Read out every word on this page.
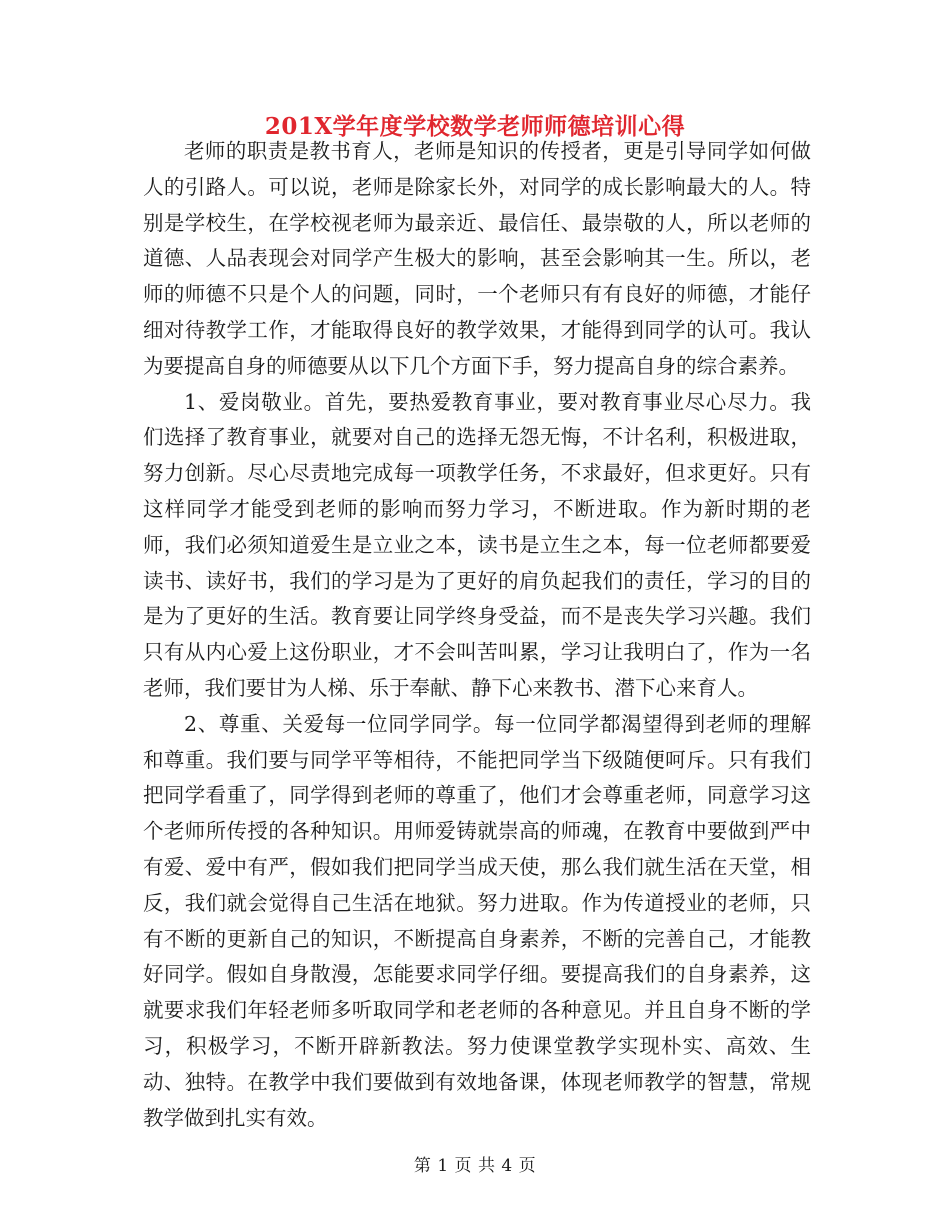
201X学年度学校数学老师师德培训心得

老师的职责是教书育人，老师是知识的传授者，更是引导同学如何做人的引路人。可以说，老师是除家长外，对同学的成长影响最大的人。特别是学校生，在学校视老师为最亲近、最信任、最崇敬的人，所以老师的道德、人品表现会对同学产生极大的影响，甚至会影响其一生。所以，老师的师德不只是个人的问题，同时，一个老师只有有良好的师德，才能仔细对待教学工作，才能取得良好的教学效果，才能得到同学的认可。我认为要提高自身的师德要从以下几个方面下手，努力提高自身的综合素养。

1、爱岗敬业。首先，要热爱教育事业，要对教育事业尽心尽力。我们选择了教育事业，就要对自己的选择无怨无悔，不计名利，积极进取，努力创新。尽心尽责地完成每一项教学任务，不求最好，但求更好。只有这样同学才能受到老师的影响而努力学习，不断进取。作为新时期的老师，我们必须知道爱生是立业之本，读书是立生之本，每一位老师都要爱读书、读好书，我们的学习是为了更好的肩负起我们的责任，学习的目的是为了更好的生活。教育要让同学终身受益，而不是丧失学习兴趣。我们只有从内心爱上这份职业，才不会叫苦叫累，学习让我明白了，作为一名老师，我们要甘为人梯、乐于奉献、静下心来教书、潜下心来育人。

2、尊重、关爱每一位同学同学。每一位同学都渴望得到老师的理解和尊重。我们要与同学平等相待，不能把同学当下级随便呵斥。只有我们把同学看重了，同学得到老师的尊重了，他们才会尊重老师，同意学习这个老师所传授的各种知识。用师爱铸就崇高的师魂，在教育中要做到严中有爱、爱中有严，假如我们把同学当成天使，那么我们就生活在天堂，相反，我们就会觉得自己生活在地狱。努力进取。作为传道授业的老师，只有不断的更新自己的知识，不断提高自身素养，不断的完善自己，才能教好同学。假如自身散漫，怎能要求同学仔细。要提高我们的自身素养，这就要求我们年轻老师多听取同学和老老师的各种意见。并且自身不断的学习，积极学习，不断开辟新教法。努力使课堂教学实现朴实、高效、生动、独特。在教学中我们要做到有效地备课，体现老师教学的智慧，常规教学做到扎实有效。

第 1 页 共 4 页
